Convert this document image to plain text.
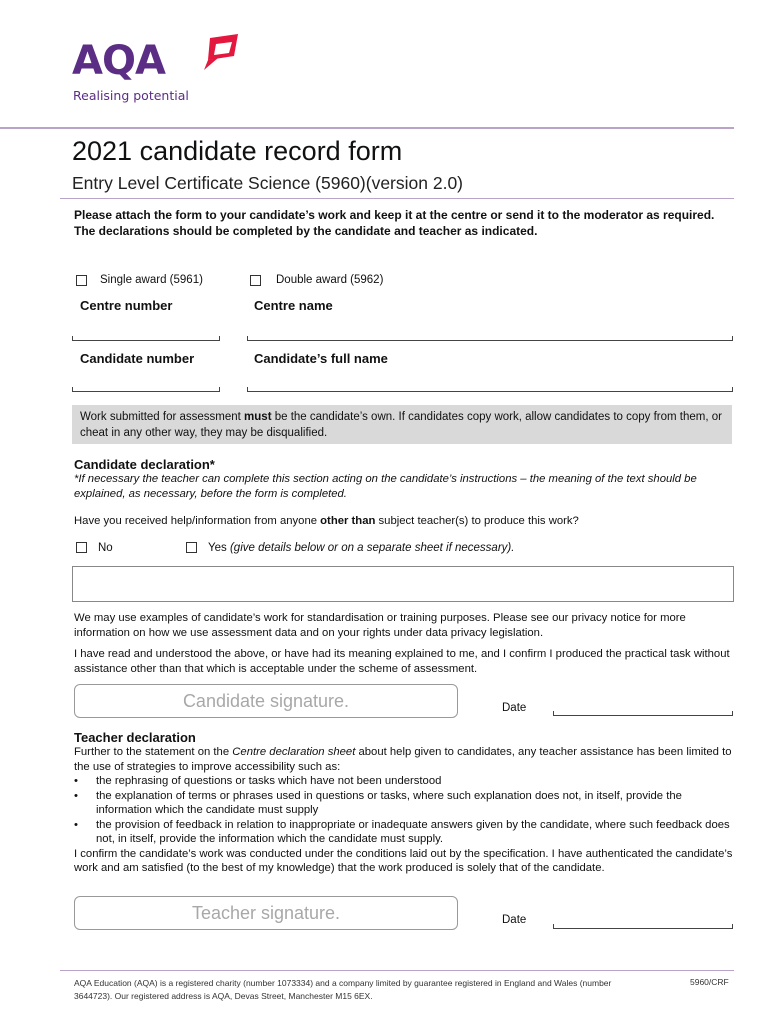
AQA
Realising potential
2021 candidate record form
Entry Level Certificate Science (5960)(version 2.0)
Please attach the form to your candidate’s work and keep it at the centre or send it to the moderator as required. The declarations should be completed by the candidate and teacher as indicated.
Single award (5961)	Double award (5962)
Centre number	Centre name
Candidate number	Candidate’s full name
Work submitted for assessment must be the candidate’s own. If candidates copy work, allow candidates to copy from them, or cheat in any other way, they may be disqualified.
Candidate declaration*
*If necessary the teacher can complete this section acting on the candidate’s instructions – the meaning of the text should be explained, as necessary, before the form is completed.
Have you received help/information from anyone other than subject teacher(s) to produce this work?
No	Yes (give details below or on a separate sheet if necessary).
We may use examples of candidate’s work for standardisation or training purposes. Please see our privacy notice for more information on how we use assessment data and on your rights under data privacy legislation.
I have read and understood the above, or have had its meaning explained to me, and I confirm I produced the practical task without assistance other than that which is acceptable under the scheme of assessment.
Candidate signature.	Date
Teacher declaration
Further to the statement on the Centre declaration sheet about help given to candidates, any teacher assistance has been limited to the use of strategies to improve accessibility such as:
• the rephrasing of questions or tasks which have not been understood
• the explanation of terms or phrases used in questions or tasks, where such explanation does not, in itself, provide the information which the candidate must supply
• the provision of feedback in relation to inappropriate or inadequate answers given by the candidate, where such feedback does not, in itself, provide the information which the candidate must supply.
I confirm the candidate’s work was conducted under the conditions laid out by the specification. I have authenticated the candidate’s work and am satisfied (to the best of my knowledge) that the work produced is solely that of the candidate.
Teacher signature.	Date
AQA Education (AQA) is a registered charity (number 1073334) and a company limited by guarantee registered in England and Wales (number 3644723). Our registered address is AQA, Devas Street, Manchester M15 6EX.
5960/CRF
